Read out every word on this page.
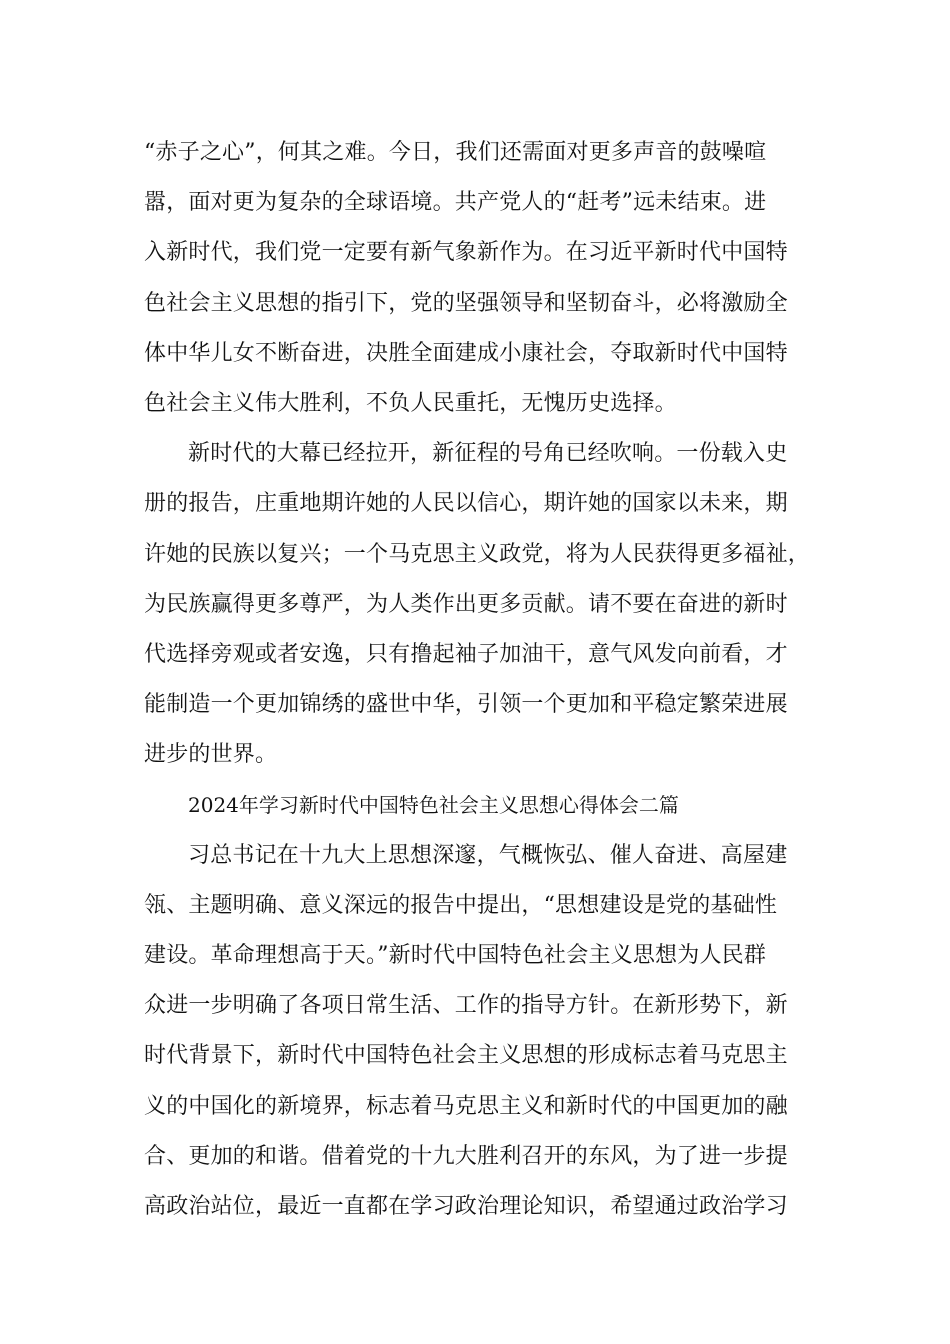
“赤子之心”，何其之难。今日，我们还需面对更多声音的鼓噪喧
嚣，面对更为复杂的全球语境。共产党人的“赶考”远未结束。进
入新时代，我们党一定要有新气象新作为。在习近平新时代中国特
色社会主义思想的指引下，党的坚强领导和坚韧奋斗，必将激励全
体中华儿女不断奋进，决胜全面建成小康社会，夺取新时代中国特
色社会主义伟大胜利，不负人民重托，无愧历史选择。
新时代的大幕已经拉开，新征程的号角已经吹响。一份载入史
册的报告，庄重地期许她的人民以信心，期许她的国家以未来，期
许她的民族以复兴；一个马克思主义政党，将为人民获得更多福祉，
为民族赢得更多尊严，为人类作出更多贡献。请不要在奋进的新时
代选择旁观或者安逸，只有撸起袖子加油干，意气风发向前看，才
能制造一个更加锦绣的盛世中华，引领一个更加和平稳定繁荣进展
进步的世界。
2024年学习新时代中国特色社会主义思想心得体会二篇
习总书记在十九大上思想深邃，气概恢弘、催人奋进、高屋建
瓴、主题明确、意义深远的报告中提出，“思想建设是党的基础性
建设。革命理想高于天。”新时代中国特色社会主义思想为人民群
众进一步明确了各项日常生活、工作的指导方针。在新形势下，新
时代背景下，新时代中国特色社会主义思想的形成标志着马克思主
义的中国化的新境界，标志着马克思主义和新时代的中国更加的融
合、更加的和谐。借着党的十九大胜利召开的东风，为了进一步提
高政治站位，最近一直都在学习政治理论知识，希望通过政治学习
